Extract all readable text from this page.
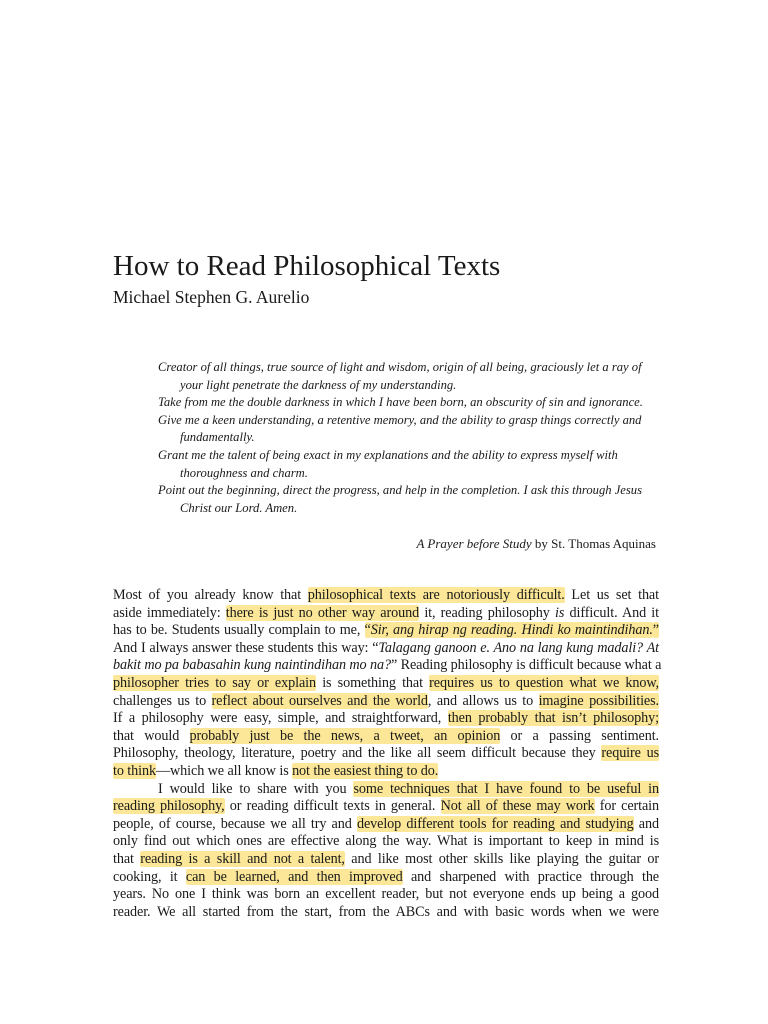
How to Read Philosophical Texts
Michael Stephen G. Aurelio

Creator of all things, true source of light and wisdom, origin of all being, graciously let a ray of your light penetrate the darkness of my understanding.

Take from me the double darkness in which I have been born, an obscurity of sin and ignorance.

Give me a keen understanding, a retentive memory, and the ability to grasp things correctly and fundamentally.

Grant me the talent of being exact in my explanations and the ability to express myself with thoroughness and charm.

Point out the beginning, direct the progress, and help in the completion. I ask this through Jesus Christ our Lord. Amen.

A Prayer before Study by St. Thomas Aquinas
Most of you already know that philosophical texts are notoriously difficult. Let us set that
aside immediately: there is just no other way around it, reading philosophy is difficult. And it
has to be. Students usually complain to me, “Sir, ang hirap ng reading. Hindi ko maintindihan.”
And I always answer these students this way: “Talagang ganoon e. Ano na lang kung madali? At
bakit mo pa babasahin kung naintindihan mo na?” Reading philosophy is difficult because what a
philosopher tries to say or explain is something that requires us to question what we know,
challenges us to reflect about ourselves and the world, and allows us to imagine possibilities.
If a philosophy were easy, simple, and straightforward, then probably that isn’t philosophy;
that would probably just be the news, a tweet, an opinion or a passing sentiment.
Philosophy, theology, literature, poetry and the like all seem difficult because they require us
to think—which we all know is not the easiest thing to do.
I would like to share with you some techniques that I have found to be useful in
reading philosophy, or reading difficult texts in general. Not all of these may work for certain
people, of course, because we all try and develop different tools for reading and studying and
only find out which ones are effective along the way. What is important to keep in mind is
that reading is a skill and not a talent, and like most other skills like playing the guitar or
cooking, it can be learned, and then improved and sharpened with practice through the
years. No one I think was born an excellent reader, but not everyone ends up being a good
reader. We all started from the start, from the ABCs and with basic words when we were
